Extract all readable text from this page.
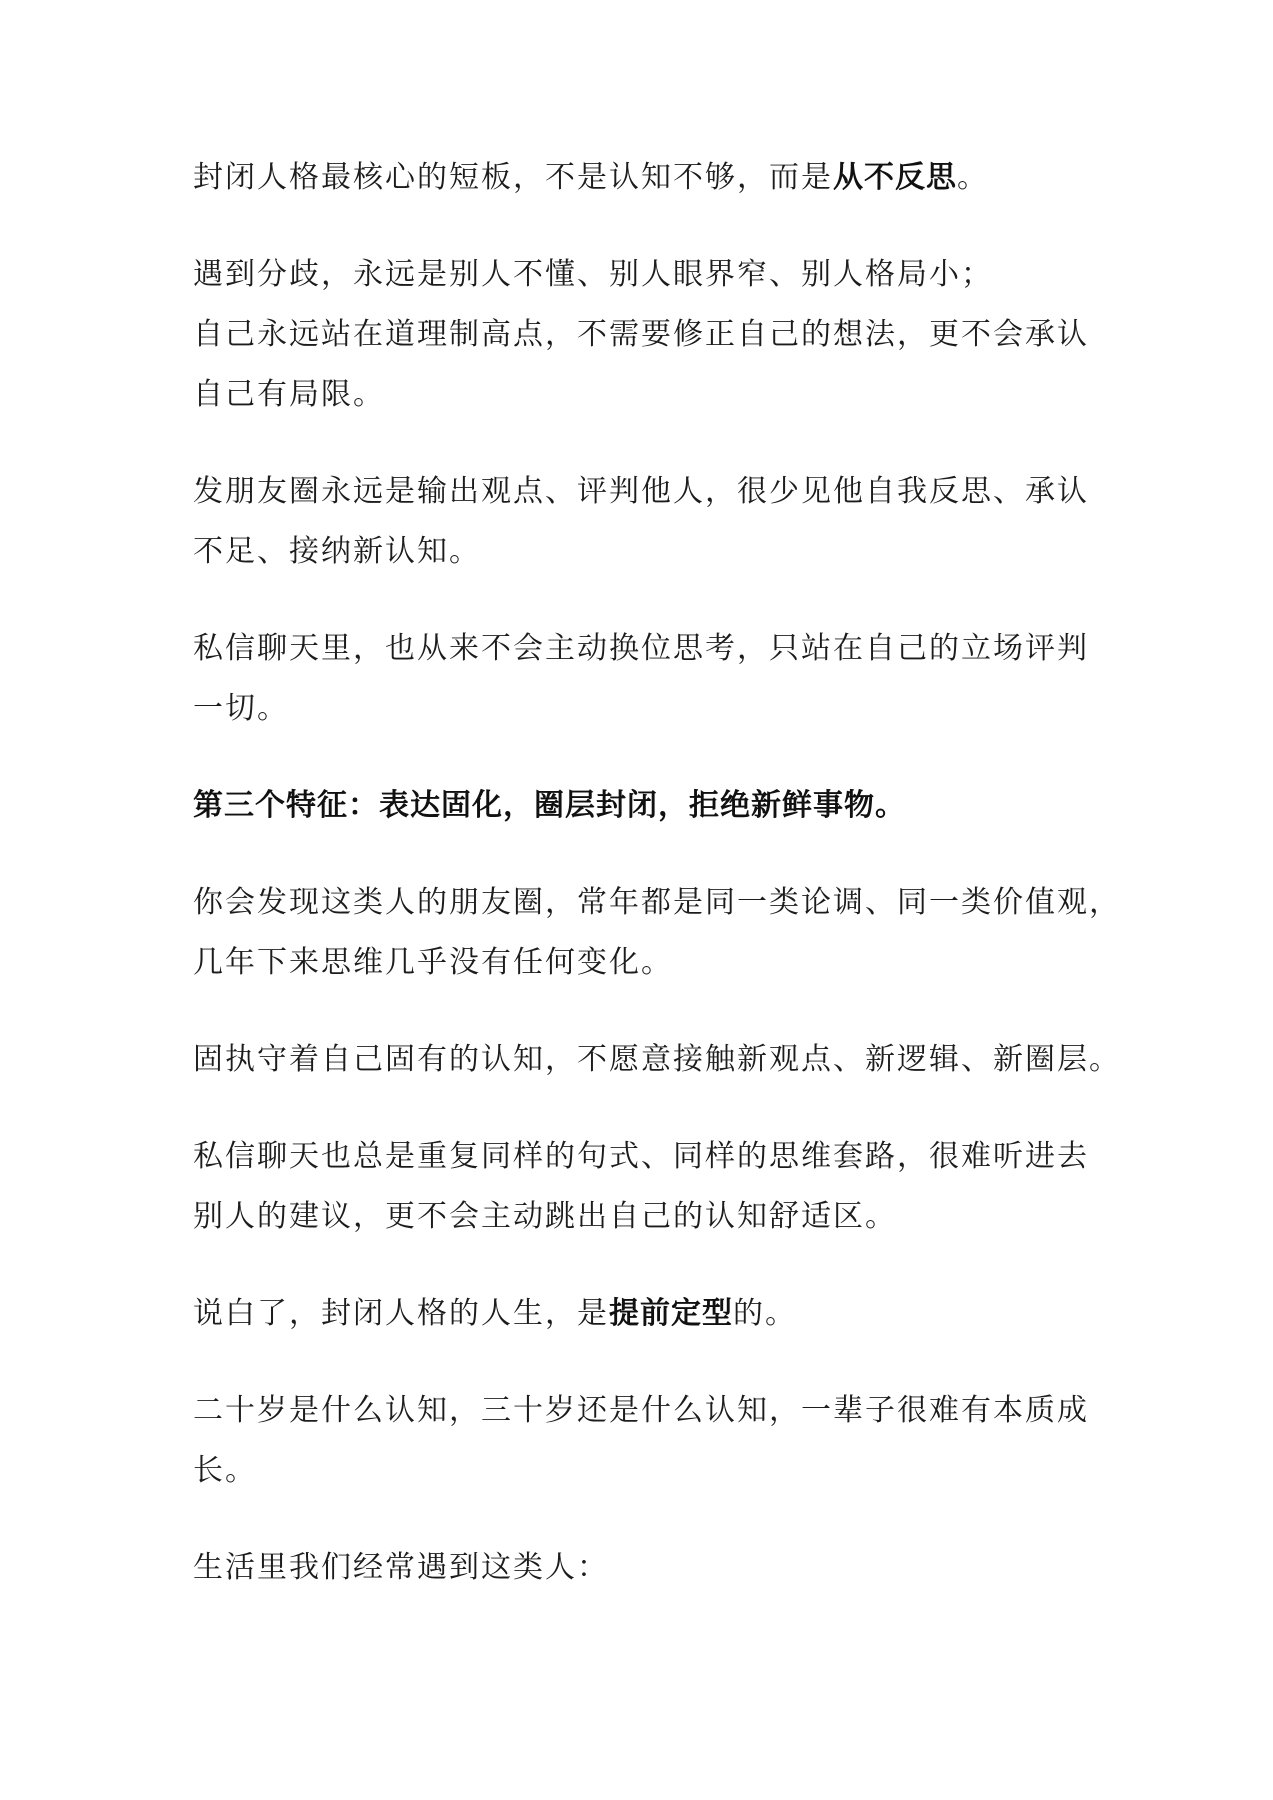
封闭人格最核心的短板，不是认知不够，而是从不反思。

遇到分歧，永远是别人不懂、别人眼界窄、别人格局小；
自己永远站在道理制高点，不需要修正自己的想法，更不会承认
自己有局限。

发朋友圈永远是输出观点、评判他人，很少见他自我反思、承认
不足、接纳新认知。

私信聊天里，也从来不会主动换位思考，只站在自己的立场评判
一切。

第三个特征：表达固化，圈层封闭，拒绝新鲜事物。

你会发现这类人的朋友圈，常年都是同一类论调、同一类价值观，
几年下来思维几乎没有任何变化。

固执守着自己固有的认知，不愿意接触新观点、新逻辑、新圈层。

私信聊天也总是重复同样的句式、同样的思维套路，很难听进去
别人的建议，更不会主动跳出自己的认知舒适区。

说白了，封闭人格的人生，是提前定型的。

二十岁是什么认知，三十岁还是什么认知，一辈子很难有本质成
长。

生活里我们经常遇到这类人：
